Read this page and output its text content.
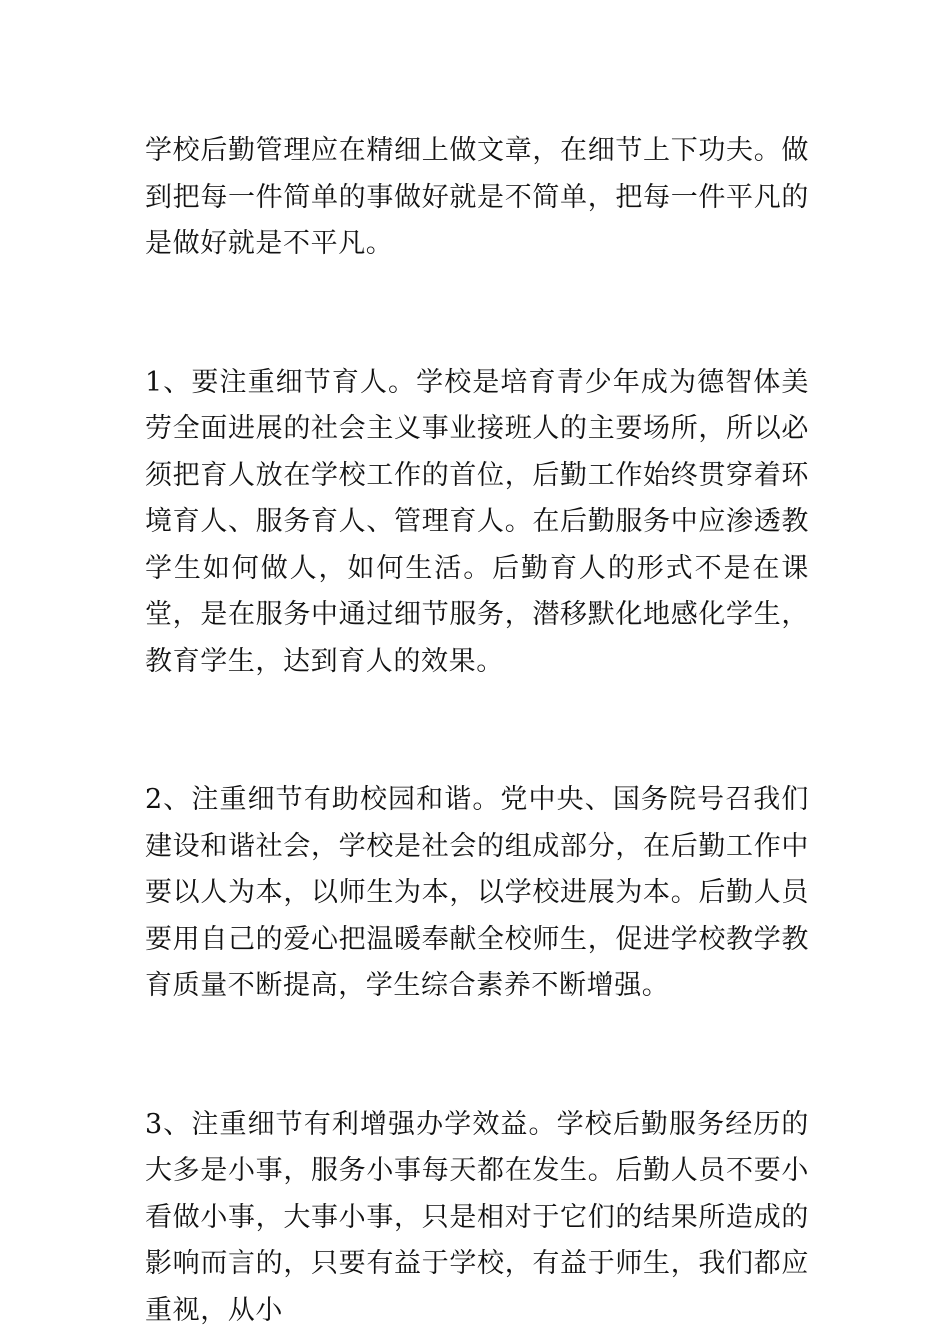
学校后勤管理应在精细上做文章，在细节上下功夫。做到把每一件简单的事做好就是不简单，把每一件平凡的是做好就是不平凡。

1、要注重细节育人。学校是培育青少年成为德智体美劳全面进展的社会主义事业接班人的主要场所，所以必须把育人放在学校工作的首位，后勤工作始终贯穿着环境育人、服务育人、管理育人。在后勤服务中应渗透教学生如何做人，如何生活。后勤育人的形式不是在课堂，是在服务中通过细节服务，潜移默化地感化学生，教育学生，达到育人的效果。

2、注重细节有助校园和谐。党中央、国务院号召我们建设和谐社会，学校是社会的组成部分，在后勤工作中要以人为本，以师生为本，以学校进展为本。后勤人员要用自己的爱心把温暖奉献全校师生，促进学校教学教育质量不断提高，学生综合素养不断增强。

3、注重细节有利增强办学效益。学校后勤服务经历的大多是小事，服务小事每天都在发生。后勤人员不要小看做小事，大事小事，只是相对于它们的结果所造成的影响而言的，只要有益于学校，有益于师生，我们都应重视，从小
